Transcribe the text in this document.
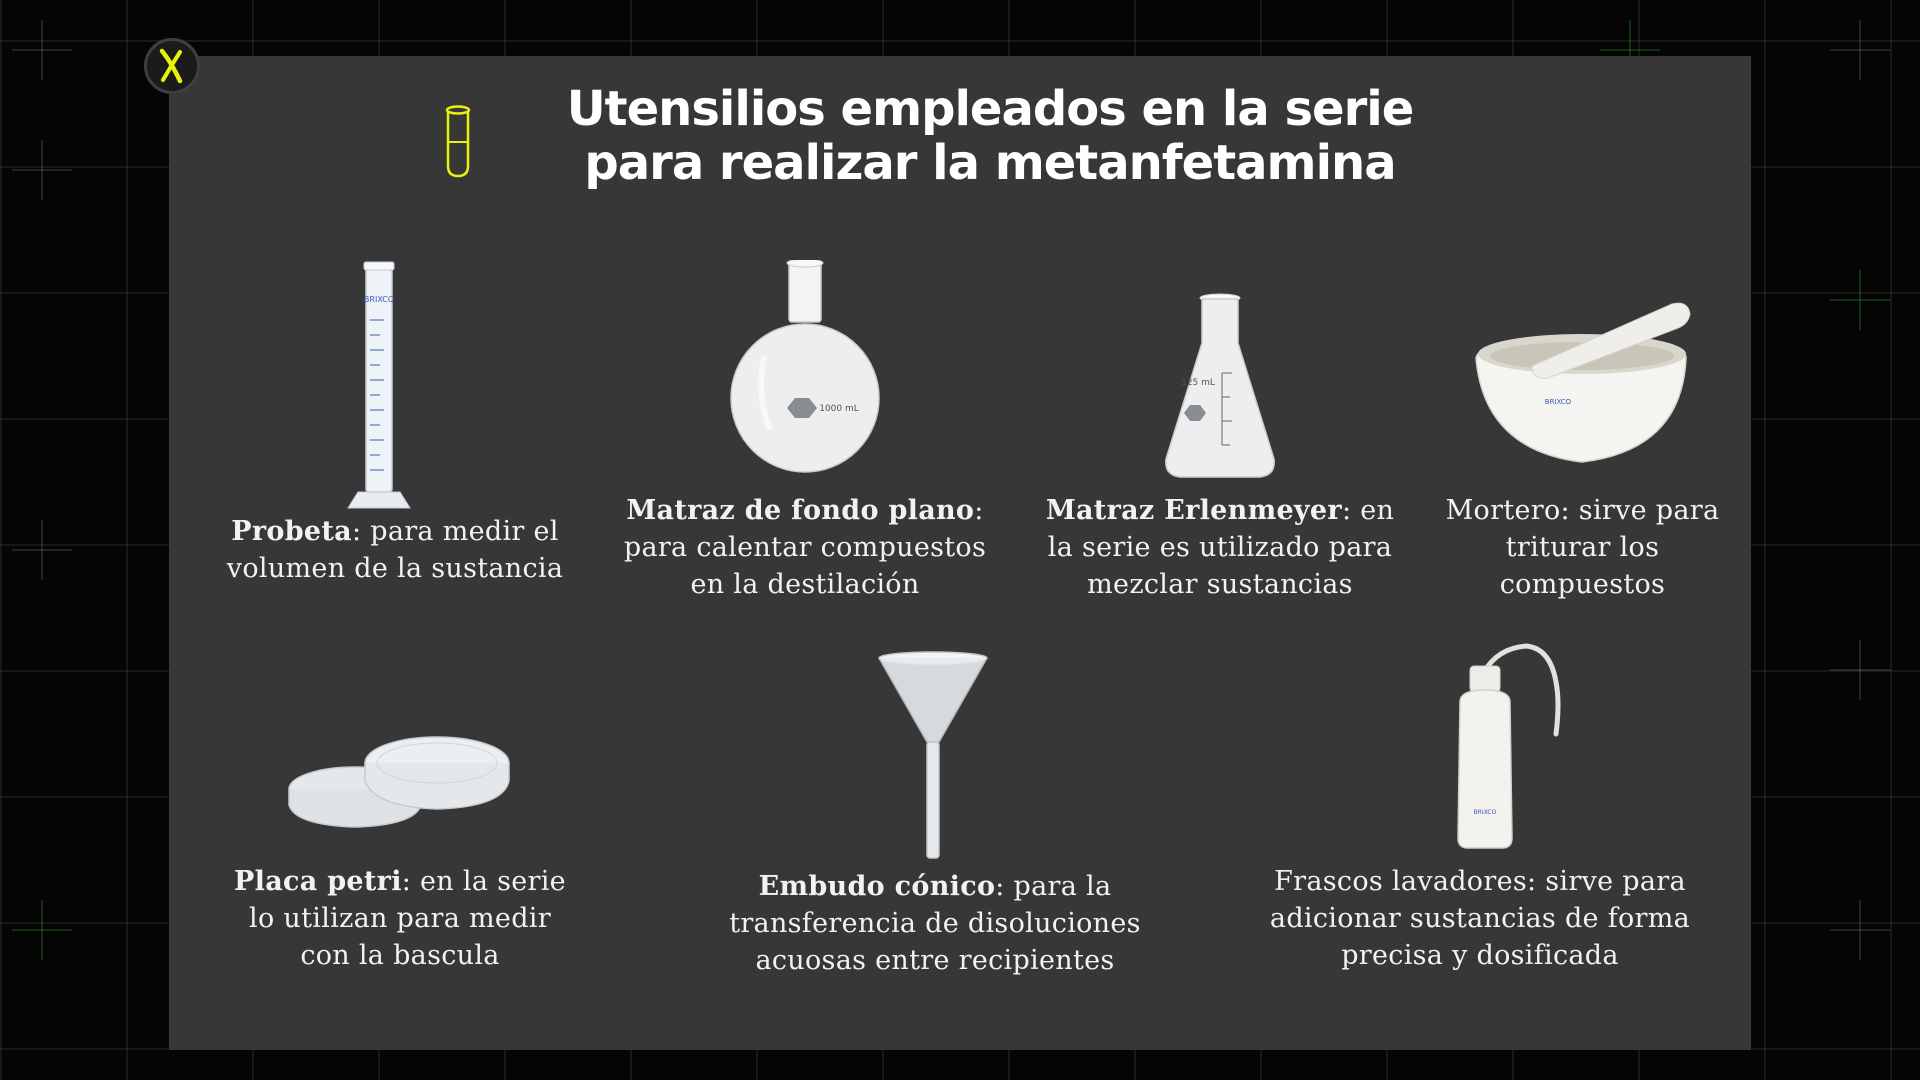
Utensilios empleados en la serie
para realizar la metanfetamina
BRIXCO

Probeta: para medir el volumen de la sustancia

1000 mL

Matraz de fondo plano: para calentar compuestos en la destilación

125 mL

Matraz Erlenmeyer: en la serie es utilizado para mezclar sustancias

BRIXCO

Mortero: sirve para triturar los compuestos

Placa petri: en la serie lo utilizan para medir con la bascula

Embudo cónico: para la transferencia de disoluciones acuosas entre recipientes

BRIXCO

Frascos lavadores: sirve para adicionar sustancias de forma precisa y dosificada
